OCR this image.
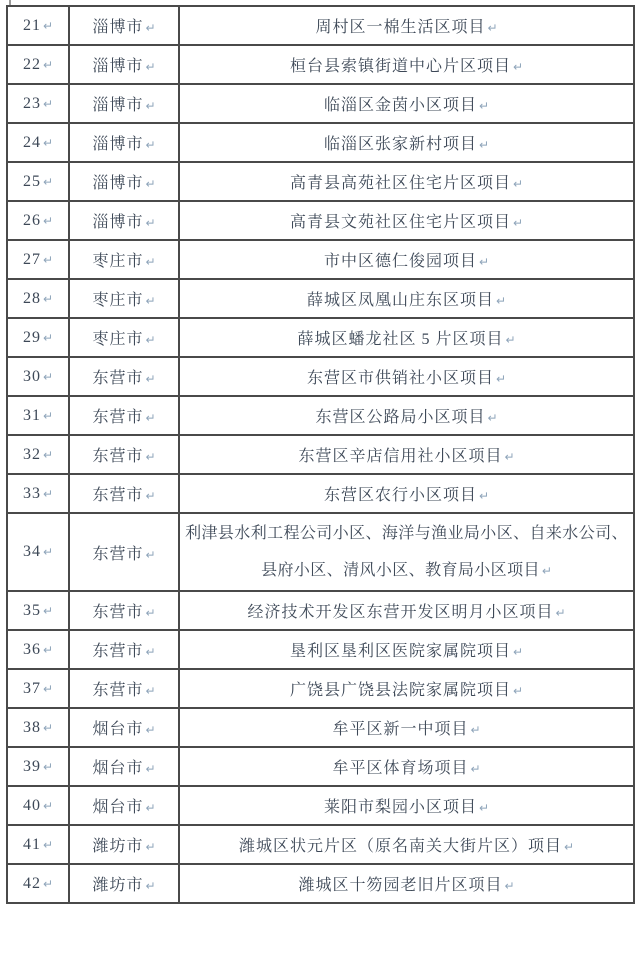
21 ↵	淄博市 ↵	周村区一棉生活区项目 ↵
22 ↵	淄博市 ↵	桓台县索镇街道中心片区项目 ↵
23 ↵	淄博市 ↵	临淄区金茵小区项目 ↵
24 ↵	淄博市 ↵	临淄区张家新村项目 ↵
25 ↵	淄博市 ↵	高青县高苑社区住宅片区项目 ↵
26 ↵	淄博市 ↵	高青县文苑社区住宅片区项目 ↵
27 ↵	枣庄市 ↵	市中区德仁俊园项目 ↵
28 ↵	枣庄市 ↵	薛城区凤凰山庄东区项目 ↵
29 ↵	枣庄市 ↵	薛城区蟠龙社区 5 片区项目 ↵
30 ↵	东营市 ↵	东营区市供销社小区项目 ↵
31 ↵	东营市 ↵	东营区公路局小区项目 ↵
32 ↵	东营市 ↵	东营区辛店信用社小区项目 ↵
33 ↵	东营市 ↵	东营区农行小区项目 ↵
34 ↵	东营市 ↵	利津县水利工程公司小区、海洋与渔业局小区、自来水公司、县府小区、清风小区、教育局小区项目 ↵
35 ↵	东营市 ↵	经济技术开发区东营开发区明月小区项目 ↵
36 ↵	东营市 ↵	垦利区垦利区医院家属院项目 ↵
37 ↵	东营市 ↵	广饶县广饶县法院家属院项目 ↵
38 ↵	烟台市 ↵	牟平区新一中项目 ↵
39 ↵	烟台市 ↵	牟平区体育场项目 ↵
40 ↵	烟台市 ↵	莱阳市梨园小区项目 ↵
41 ↵	潍坊市 ↵	潍城区状元片区（原名南关大街片区）项目 ↵
42 ↵	潍坊市 ↵	潍城区十笏园老旧片区项目 ↵
